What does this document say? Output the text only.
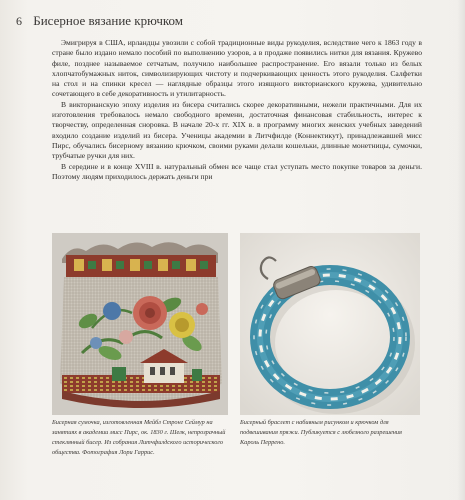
6 Бисерное вязание крючком

Эмигрируя в США, ирландцы увозили с собой традиционные виды рукоделия, вследствие чего к 1863 году в стране было издано немало пособий по выполнению узоров, а в продаже появились нитки для вязания. Кружево филе, позднее называемое сетчатым, получило наибольшее распространение. Его вязали только из белых хлопчатобумажных ниток, символизирующих чистоту и подчеркивающих ценность этого рукоделия. Салфетки на стол и на спинки кресел — наглядные образцы этого изящного викторианского кружева, удивительно сочетающего в себе декоративность и утилитарность.

В викторианскую эпоху изделия из бисера считались скорее декоративными, нежели практичными. Для их изготовления требовалось немало свободного времени, достаточная финансовая стабильность, интерес к творчеству, определенная сноровка. В начале 20-х гг. XIX в. в программу многих женских учебных заведений входило создание изделий из бисера. Ученицы академии в Литчфилде (Коннектикут), принадлежавшей мисс Пирс, обучались бисерному вязанию крючком, своими руками делали кошельки, длинные монетницы, сумочки, трубчатые ручки для них.

В середине и в конце XVIII в. натуральный обмен все чаще стал уступать место покупке товаров за деньги. Поэтому людям приходилось держать деньги при

Бисерная сумочка, изготовленная Мейбл Стронг Сеймур на занятиях в академии мисс Пирс, ок. 1830 г. Шелк, непрозрачный стеклянный бисер. Из собрания Литчфилдского исторического общества. Фотография Лори Гаррис.
Бисерный браслет с набивным рисунком и крючком для подвешивания пряжи. Публикуется с любезного разрешения Кароль Перрено.
